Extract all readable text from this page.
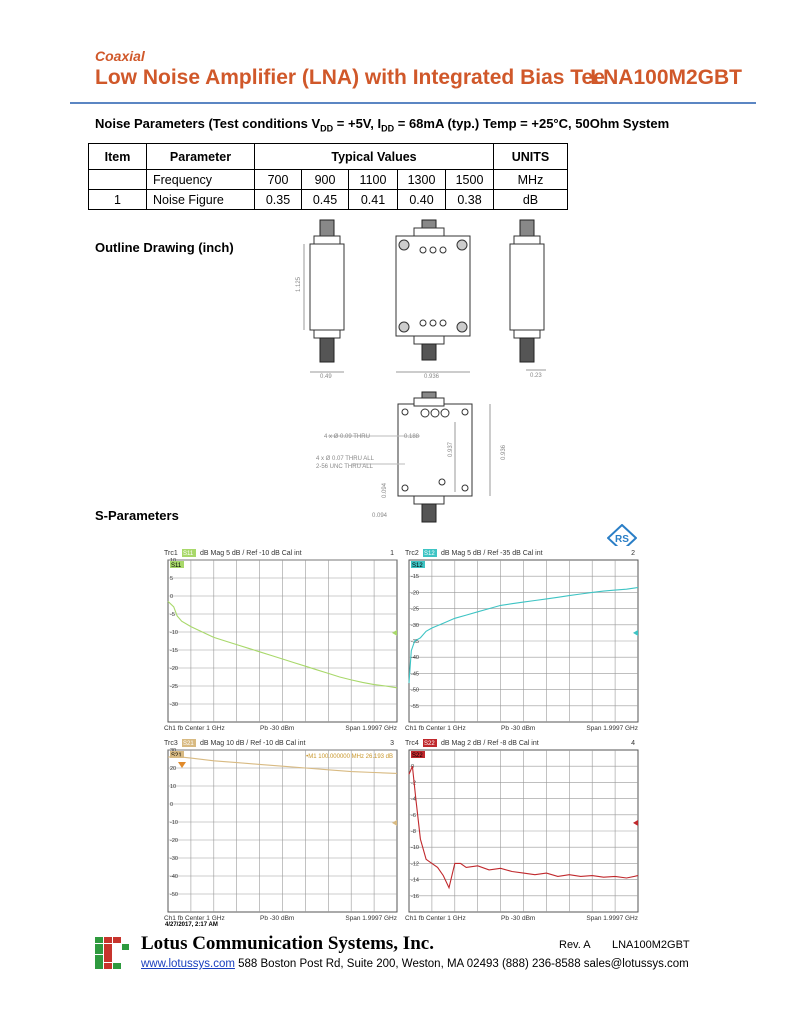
Coaxial
Low Noise Amplifier (LNA) with Integrated Bias Tee
LNA100M2GBT
Noise Parameters (Test conditions $V_{DD} = +5V$, $I_{DD} = 68mA$ (typ.) Temp = +25°C, 50Ohm System
Item	Parameter	Typical Values					UNITS
	Frequency	700	900	1100	1300	1500	MHz
1	Noise Figure	0.35	0.45	0.41	0.40	0.38	dB
Outline Drawing (inch)
1.125
0.49	0.936	0.23
4 x Ø 0.09 THRU
4 x Ø 0.07 THRU ALL
2-56 UNC THRU ALL
0.188
0.937	0.936
0.094
0.094
S-Parameters
RS
Trc1 S11 dB Mag 5 dB / Ref -10 dB Cal int	1
5
0
-5
-10
-15
-20
-25
-30
S11
Ch1 fb Center 1 GHz	Pb -30 dBm	Span 1.9997 GHz
Trc2 S12 dB Mag 5 dB / Ref -35 dB Cal int	2
-15
-20
-25
-30
-35
-40
-45
-50
-55
S12
Ch1 fb Center 1 GHz	Pb -30 dBm	Span 1.9997 GHz
Trc3 S21 dB Mag 10 dB / Ref -10 dB Cal int	3
20
10
0
-10
-20
-30
-40
-50
S21	•M1 100.000000 MHz 26.193 dB
Ch1 fb Center 1 GHz	Pb -30 dBm	Span 1.9997 GHz
Trc4 S22 dB Mag 2 dB / Ref -8 dB Cal int	4
0
-2
-4
-6
-8
-10
-12
-14
-16
S22
Ch1 fb Center 1 GHz	Pb -30 dBm	Span 1.9997 GHz
4/27/2017, 2:17 AM
Lotus Communication Systems, Inc.	Rev. A LNA100M2GBT
www.lotussys.com 588 Boston Post Rd, Suite 200, Weston, MA 02493 (888) 236-8588 sales@lotussys.com
